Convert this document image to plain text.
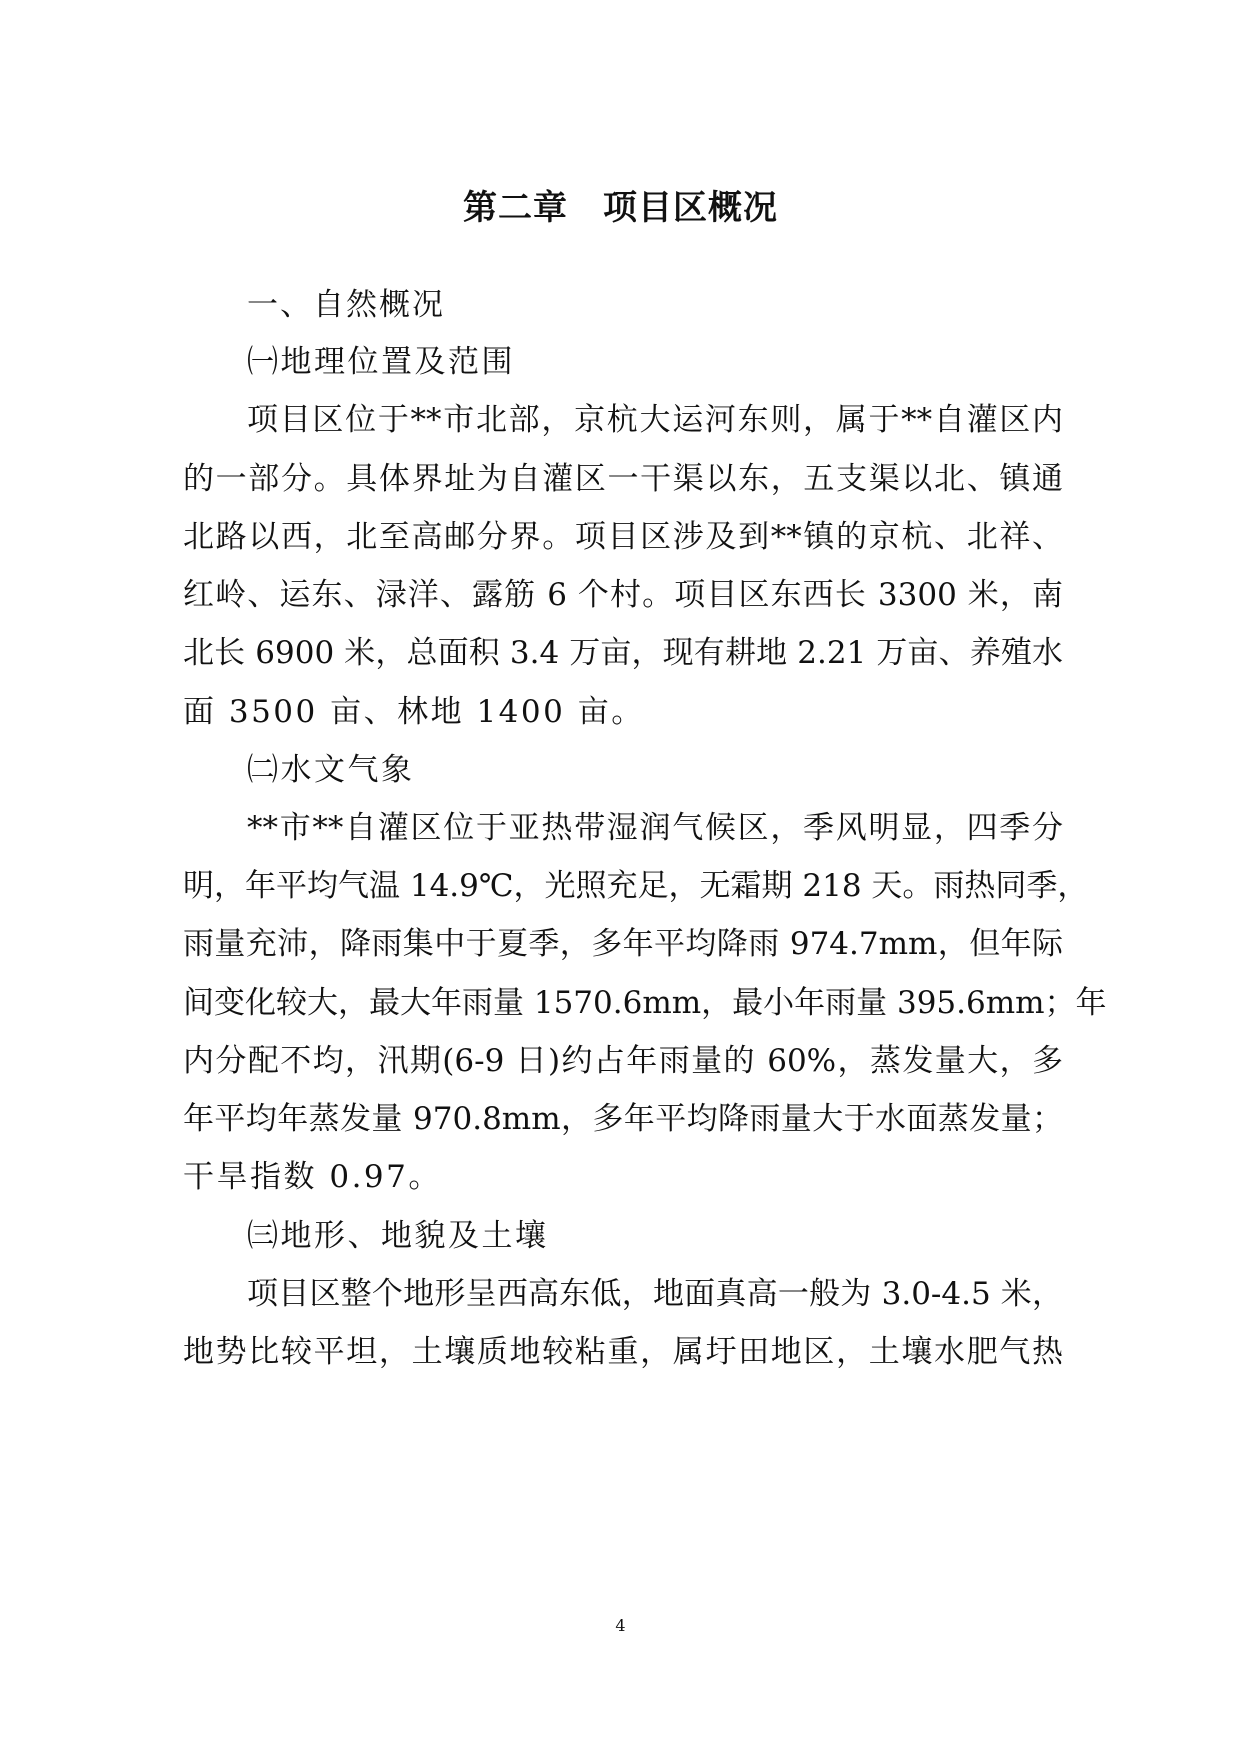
第二章　项目区概况
一、自然概况
㈠地理位置及范围
项目区位于**市北部，京杭大运河东则，属于**自灌区内
的一部分。具体界址为自灌区一干渠以东，五支渠以北、镇通
北路以西，北至高邮分界。项目区涉及到**镇的京杭、北祥、
红岭、运东、渌洋、露筋 6 个村。项目区东西长 3300 米，南
北长 6900 米，总面积 3.4 万亩，现有耕地 2.21 万亩、养殖水
面 3500 亩、林地 1400 亩。
㈡水文气象
**市**自灌区位于亚热带湿润气候区，季风明显，四季分
明，年平均气温 14.9℃，光照充足，无霜期 218 天。雨热同季，
雨量充沛，降雨集中于夏季，多年平均降雨 974.7mm，但年际
间变化较大，最大年雨量 1570.6mm，最小年雨量 395.6mm；年
内分配不均，汛期(6-9 日)约占年雨量的 60%，蒸发量大，多
年平均年蒸发量 970.8mm，多年平均降雨量大于水面蒸发量；
干旱指数 0.97。
㈢地形、地貌及土壤
项目区整个地形呈西高东低，地面真高一般为 3.0-4.5 米，
地势比较平坦，土壤质地较粘重，属圩田地区，土壤水肥气热
4
